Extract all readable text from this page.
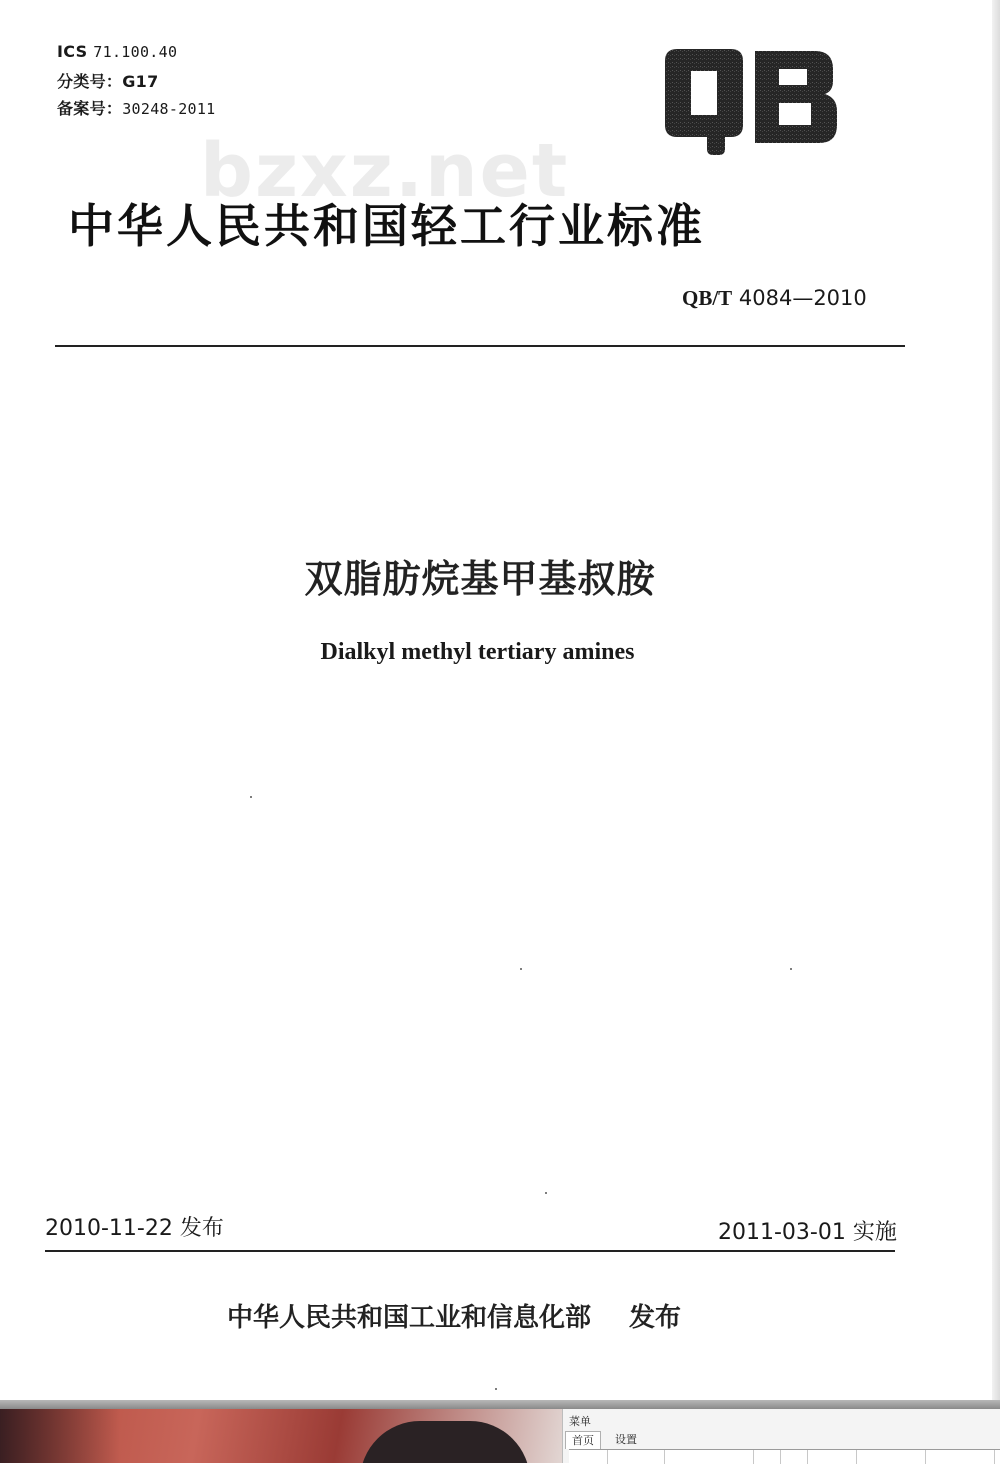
ICS 71.100.40
分类号：G17
备案号：30248-2011
bzxz.net
中华人民共和国轻工行业标准
QB/T 4084—2010
双脂肪烷基甲基叔胺
Dialkyl methyl tertiary amines
2010-11-22 发布	2011-03-01 实施
中华人民共和国工业和信息化部 发布
菜单
首页	设置
